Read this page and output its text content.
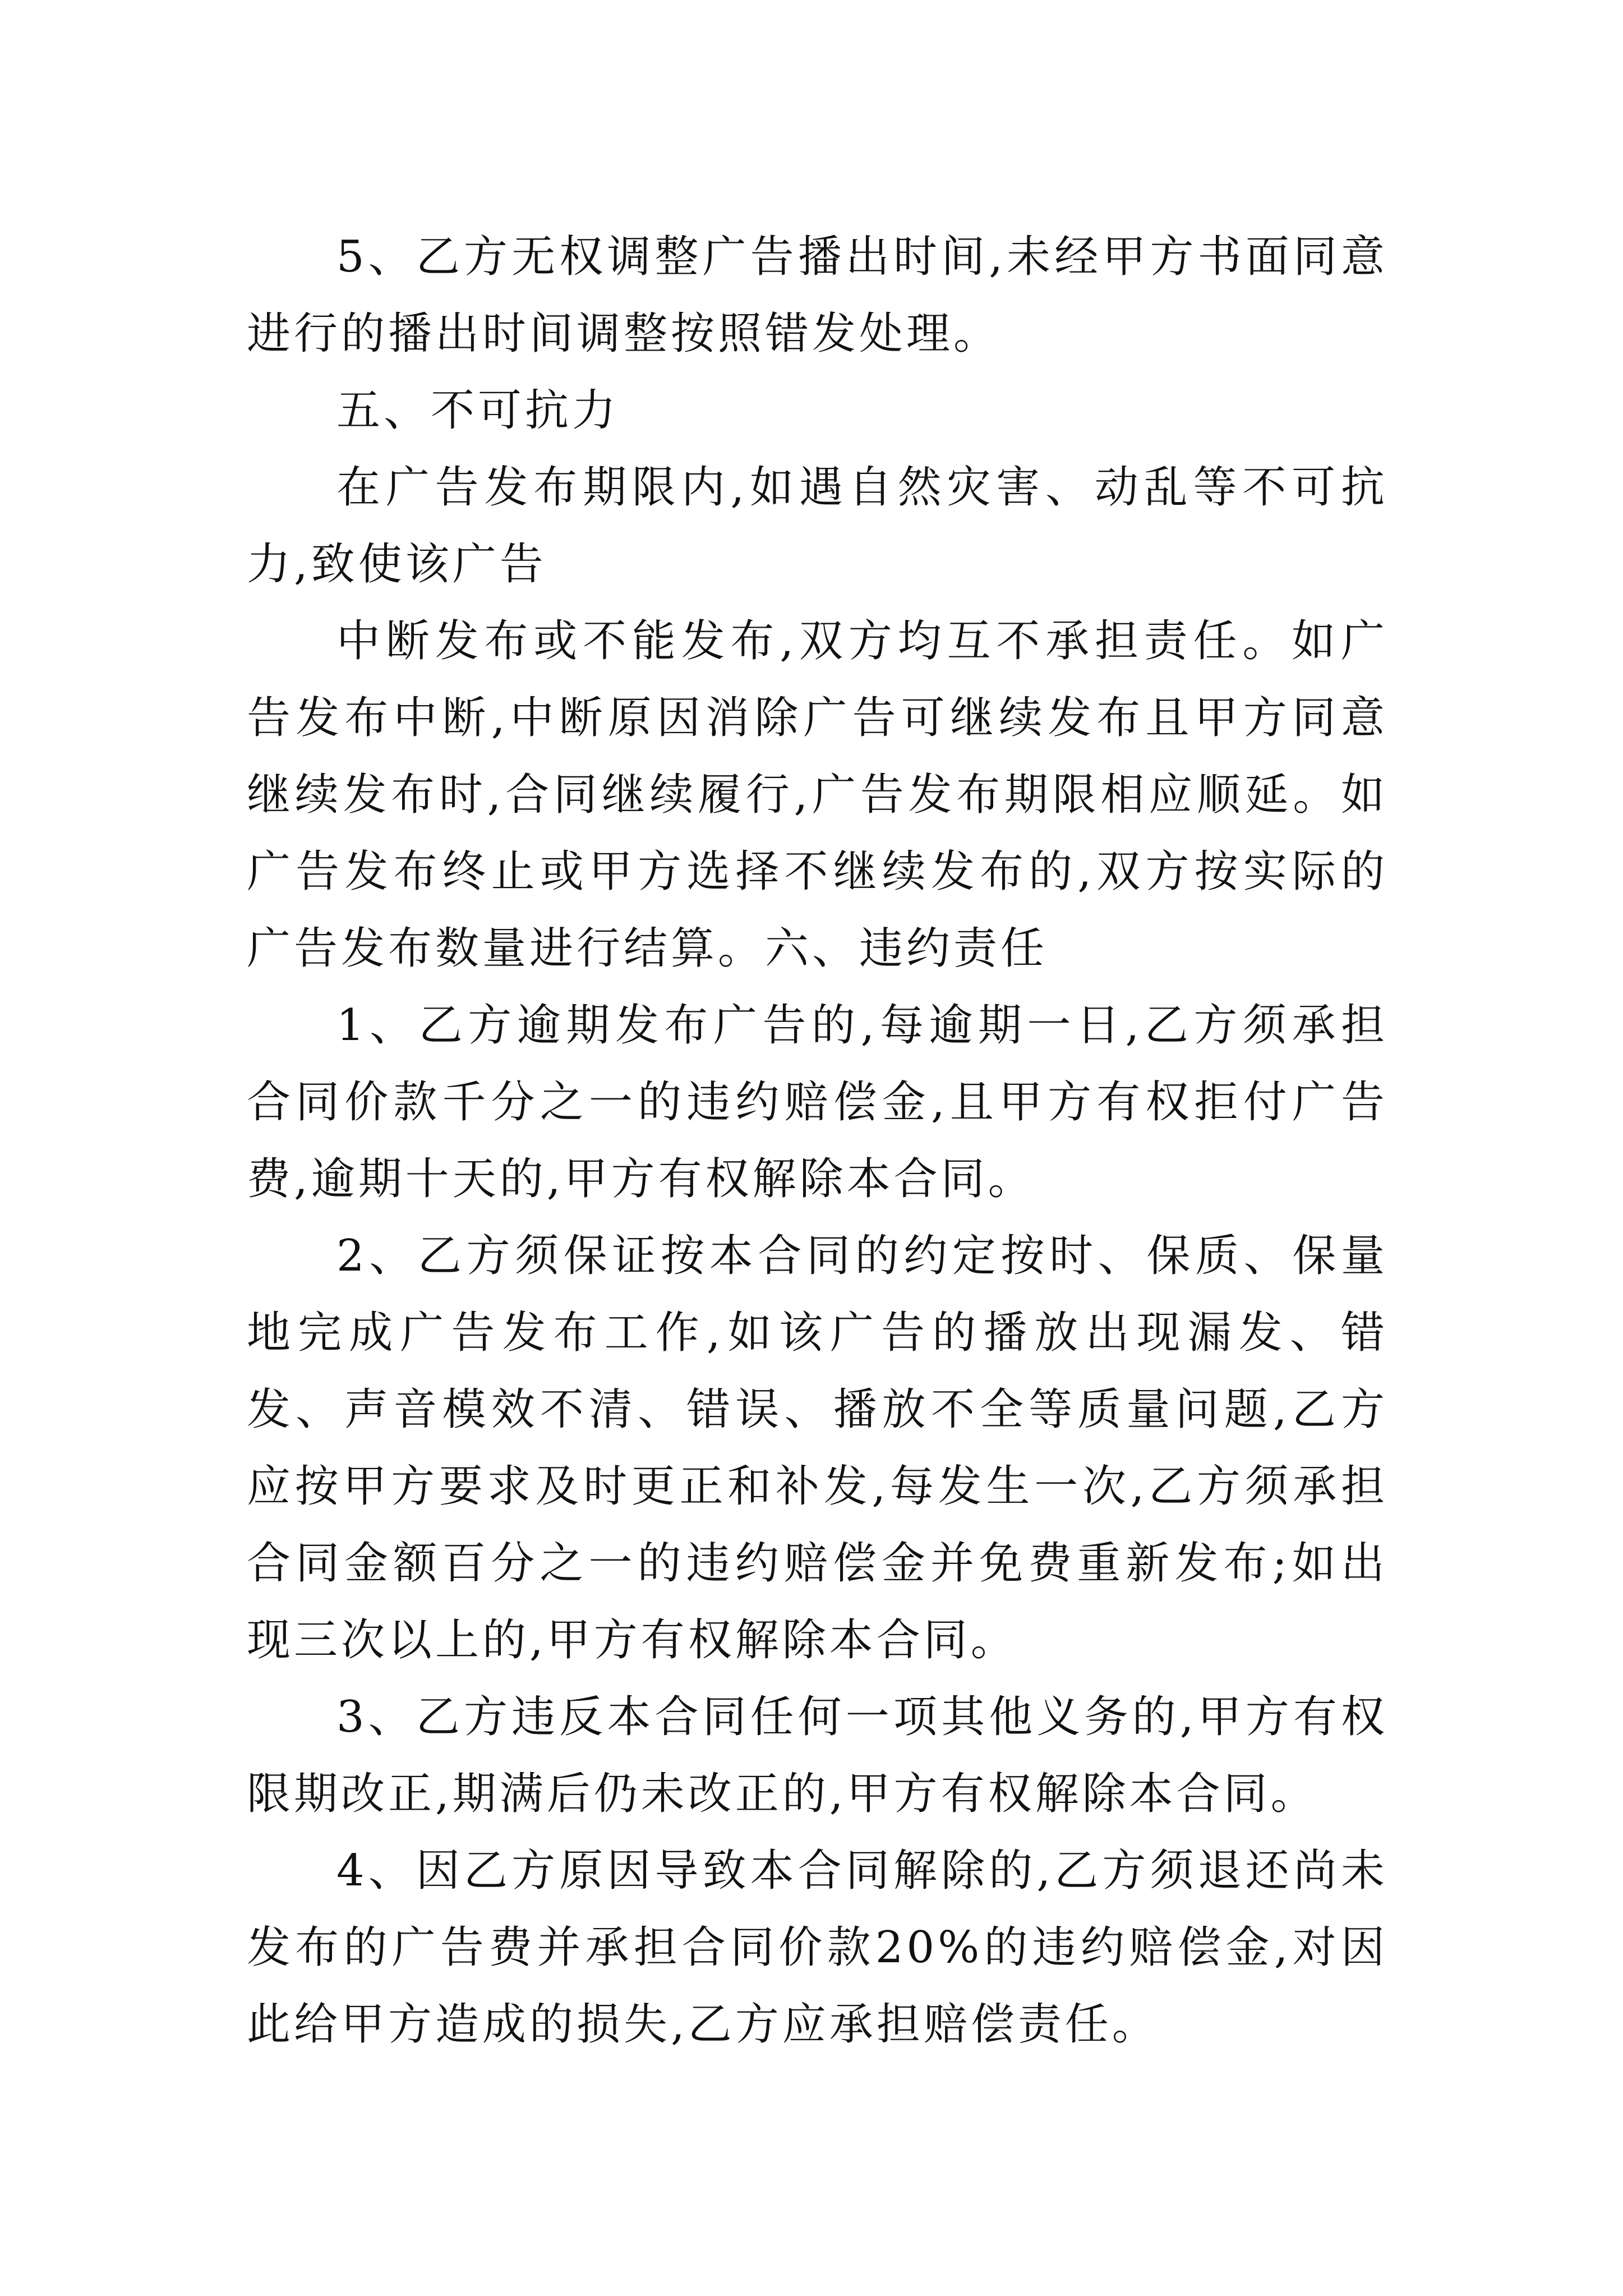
5、乙方无权调整广告播出时间,未经甲方书面同意进行的播出时间调整按照错发处理。

五、不可抗力

在广告发布期限内,如遇自然灾害、动乱等不可抗力,致使该广告

中断发布或不能发布,双方均互不承担责任。如广告发布中断,中断原因消除广告可继续发布且甲方同意继续发布时,合同继续履行,广告发布期限相应顺延。如广告发布终止或甲方选择不继续发布的,双方按实际的广告发布数量进行结算。六、违约责任

1、乙方逾期发布广告的,每逾期一日,乙方须承担合同价款千分之一的违约赔偿金,且甲方有权拒付广告费,逾期十天的,甲方有权解除本合同。

2、乙方须保证按本合同的约定按时、保质、保量地完成广告发布工作,如该广告的播放出现漏发、错发、声音模效不清、错误、播放不全等质量问题,乙方应按甲方要求及时更正和补发,每发生一次,乙方须承担合同金额百分之一的违约赔偿金并免费重新发布;如出现三次以上的,甲方有权解除本合同。

3、乙方违反本合同任何一项其他义务的,甲方有权限期改正,期满后仍未改正的,甲方有权解除本合同。

4、因乙方原因导致本合同解除的,乙方须退还尚未发布的广告费并承担合同价款20%的违约赔偿金,对因此给甲方造成的损失,乙方应承担赔偿责任。
